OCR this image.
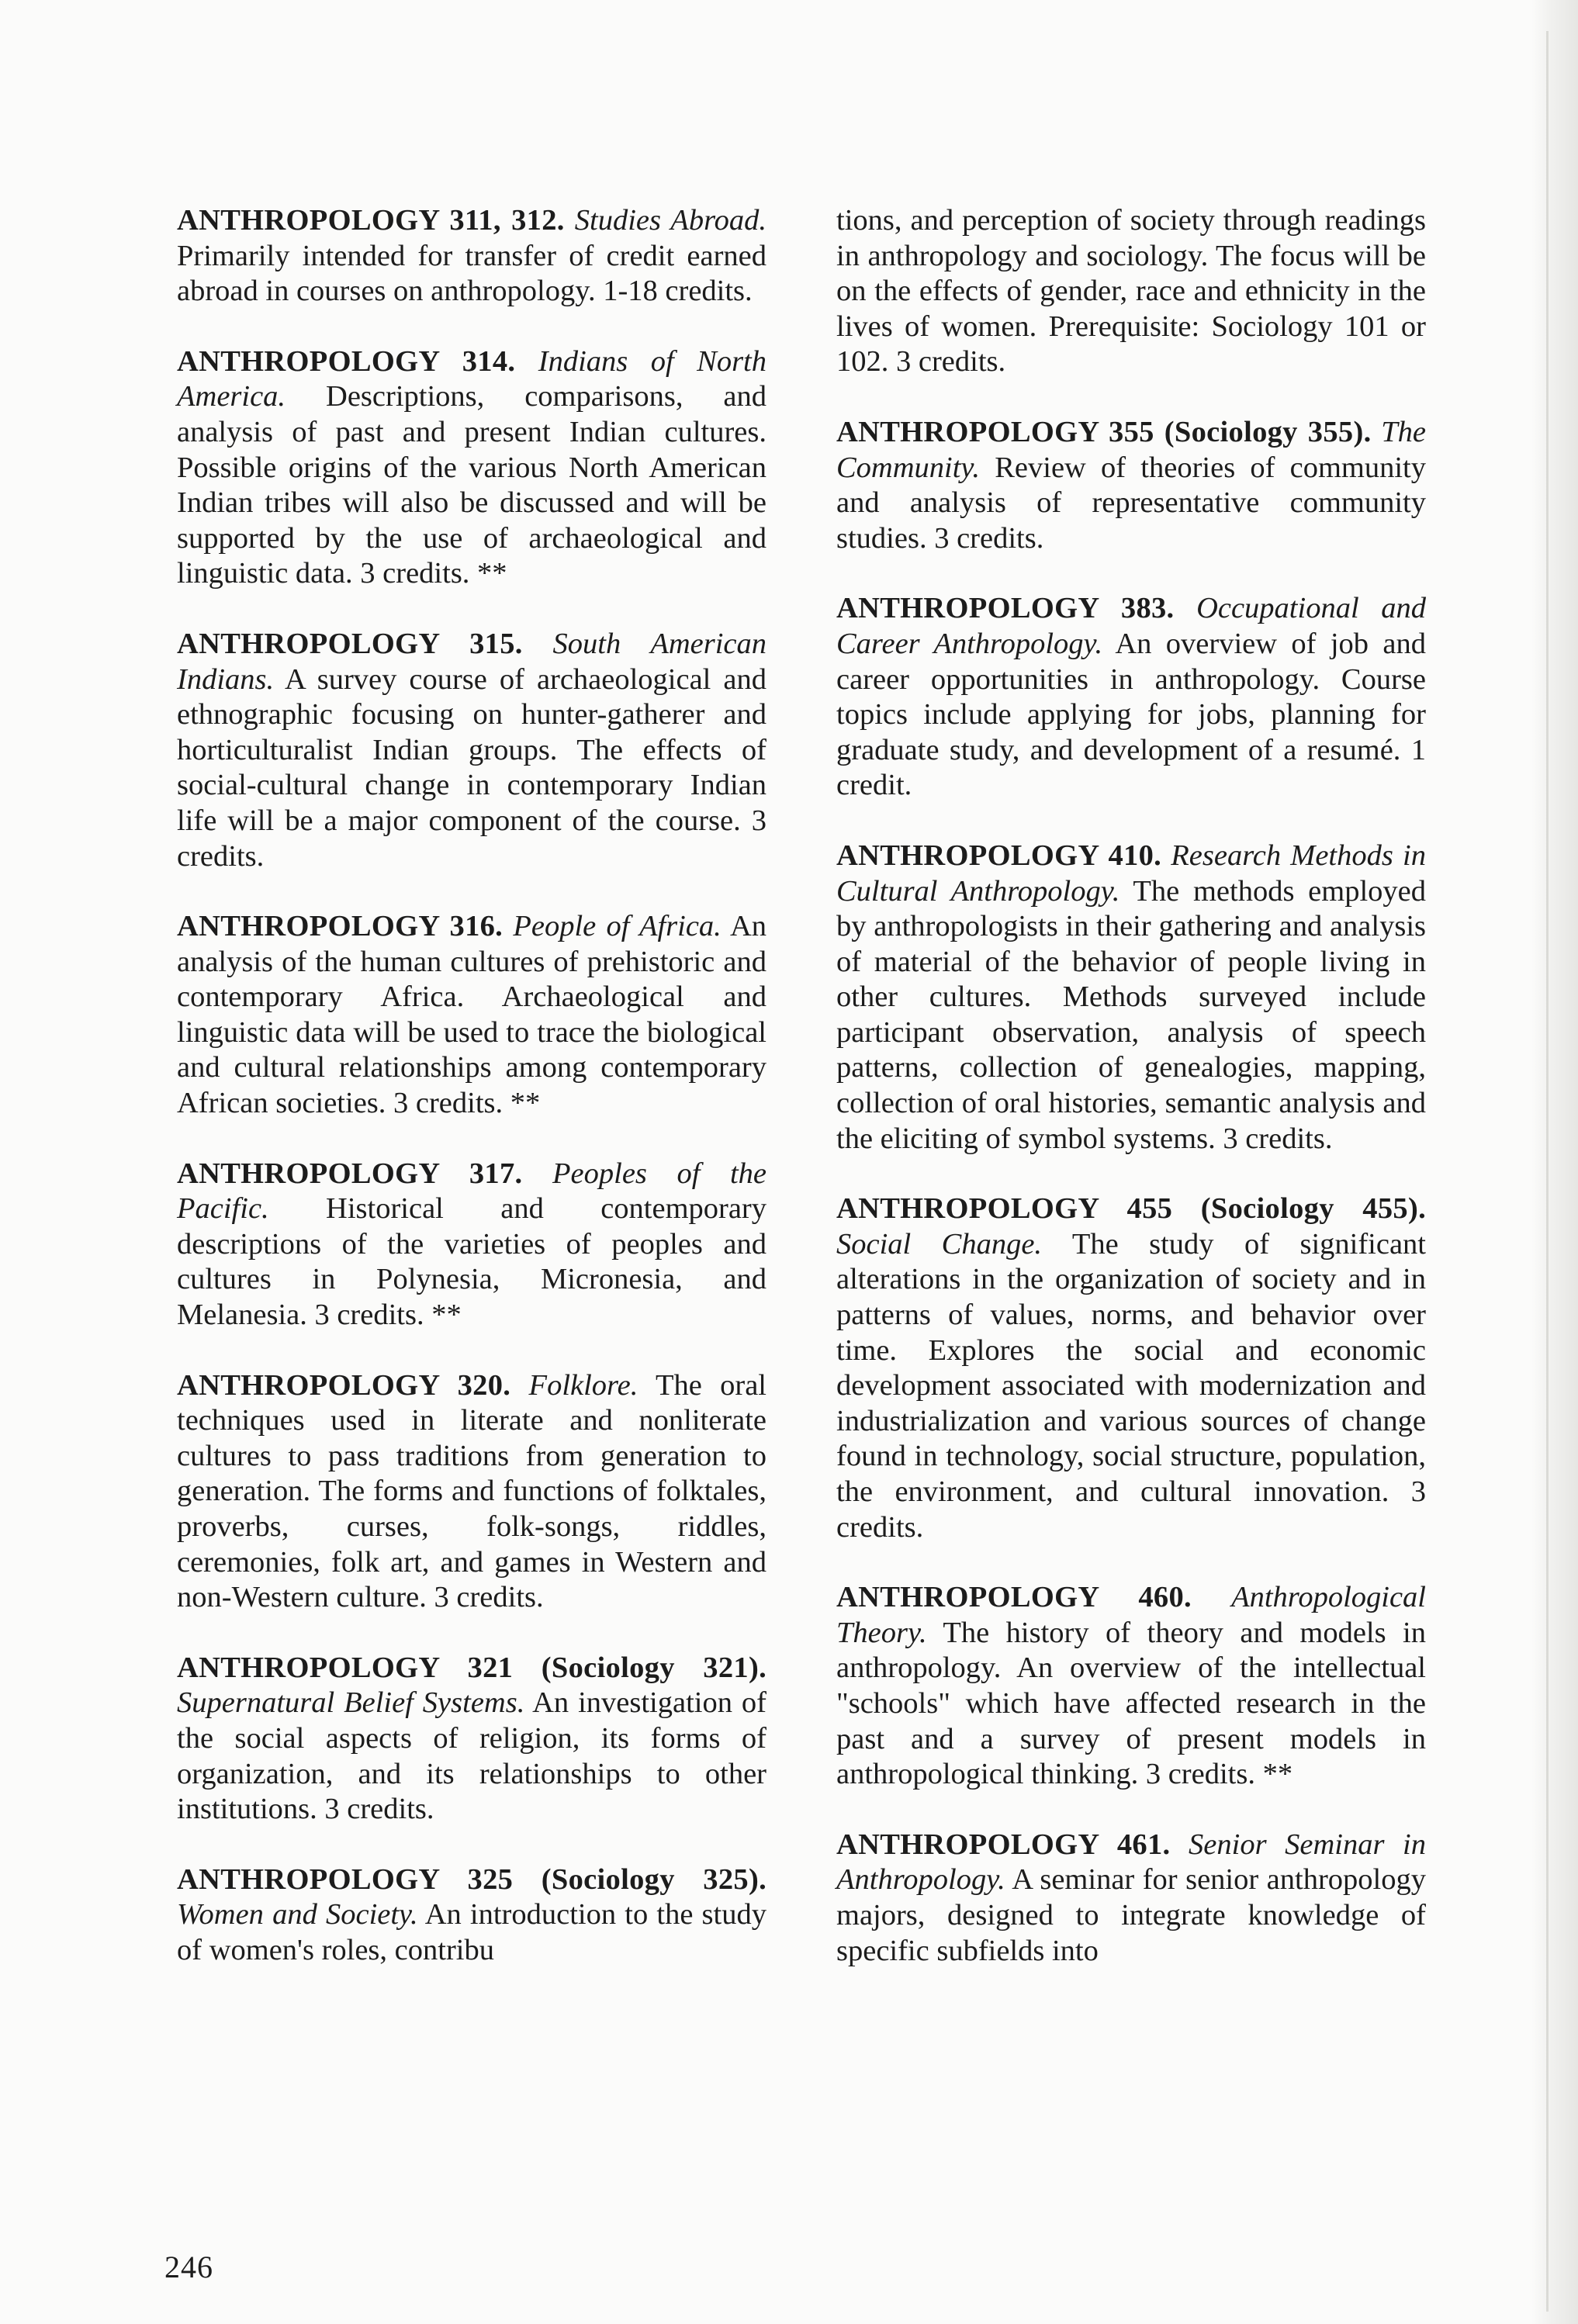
ANTHROPOLOGY 311, 312. Studies Abroad. Primarily intended for transfer of credit earned abroad in courses on anthropology. 1-18 credits.

ANTHROPOLOGY 314. Indians of North America. Descriptions, comparisons, and analysis of past and present Indian cultures. Possible origins of the various North American Indian tribes will also be discussed and will be supported by the use of archaeological and linguistic data. 3 credits. **

ANTHROPOLOGY 315. South American Indians. A survey course of archaeological and ethnographic focusing on hunter-gatherer and horticulturalist Indian groups. The effects of social-cultural change in contemporary Indian life will be a major component of the course. 3 credits.

ANTHROPOLOGY 316. People of Africa. An analysis of the human cultures of prehistoric and contemporary Africa. Archaeological and linguistic data will be used to trace the biological and cultural relationships among contemporary African societies. 3 credits. **

ANTHROPOLOGY 317. Peoples of the Pacific. Historical and contemporary descriptions of the varieties of peoples and cultures in Polynesia, Micronesia, and Melanesia. 3 credits. **

ANTHROPOLOGY 320. Folklore. The oral techniques used in literate and nonliterate cultures to pass traditions from generation to generation. The forms and functions of folktales, proverbs, curses, folk-songs, riddles, ceremonies, folk art, and games in Western and non-Western culture. 3 credits.

ANTHROPOLOGY 321 (Sociology 321). Supernatural Belief Systems. An investigation of the social aspects of religion, its forms of organization, and its relationships to other institutions. 3 credits.

ANTHROPOLOGY 325 (Sociology 325). Women and Society. An introduction to the study of women's roles, contribu

tions, and perception of society through readings in anthropology and sociology. The focus will be on the effects of gender, race and ethnicity in the lives of women. Prerequisite: Sociology 101 or 102. 3 credits.

ANTHROPOLOGY 355 (Sociology 355). The Community. Review of theories of community and analysis of representative community studies. 3 credits.

ANTHROPOLOGY 383. Occupational and Career Anthropology. An overview of job and career opportunities in anthropology. Course topics include applying for jobs, planning for graduate study, and development of a resumé. 1 credit.

ANTHROPOLOGY 410. Research Methods in Cultural Anthropology. The methods employed by anthropologists in their gathering and analysis of material of the behavior of people living in other cultures. Methods surveyed include participant observation, analysis of speech patterns, collection of genealogies, mapping, collection of oral histories, semantic analysis and the eliciting of symbol systems. 3 credits.

ANTHROPOLOGY 455 (Sociology 455). Social Change. The study of significant alterations in the organization of society and in patterns of values, norms, and behavior over time. Explores the social and economic development associated with modernization and industrialization and various sources of change found in technology, social structure, population, the environment, and cultural innovation. 3 credits.

ANTHROPOLOGY 460. Anthropological Theory. The history of theory and models in anthropology. An overview of the intellectual "schools" which have affected research in the past and a survey of present models in anthropological thinking. 3 credits. **

ANTHROPOLOGY 461. Senior Seminar in Anthropology. A seminar for senior anthropology majors, designed to integrate knowledge of specific subfields into

246
